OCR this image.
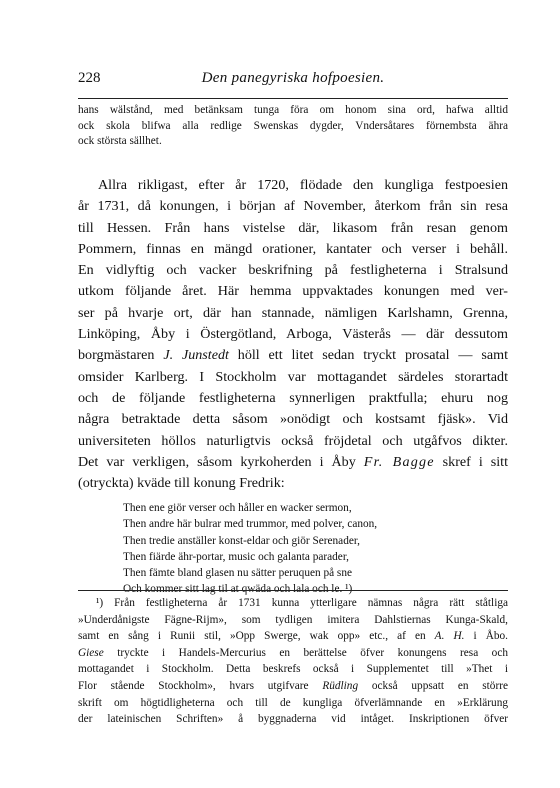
Den panegyriska hofpoesien.
228
hans wälstånd, med betänksam tunga föra om honom sina ord, hafwa alltid
ock skola blifwa alla redlige Swenskas dygder, Vndersåtares förnembsta ähra
ock största sällhet.
Allra rikligast, efter år 1720, flödade den kungliga festpoesien
år 1731, då konungen, i början af November, återkom från sin resa
till Hessen. Från hans vistelse där, likasom från resan genom
Pommern, finnas en mängd orationer, kantater och verser i behåll.
En vidlyftig och vacker beskrifning på festligheterna i Stralsund
utkom följande året. Här hemma uppvaktades konungen med ver-
ser på hvarje ort, där han stannade, nämligen Karlshamn, Grenna,
Linköping, Åby i Östergötland, Arboga, Västerås — där dessutom
borgmästaren J. Junstedt höll ett litet sedan tryckt prosatal — samt
omsider Karlberg. I Stockholm var mottagandet särdeles storartadt
och de följande festligheterna synnerligen praktfulla; ehuru nog
några betraktade detta såsom »onödigt och kostsamt fjäsk». Vid
universiteten höllos naturligtvis också fröjdetal och utgåfvos dikter.
Det var verkligen, såsom kyrkoherden i Åby Fr. Bagge skref i sitt
(otryckta) kväde till konung Fredrik:
Then ene giör verser och håller en wacker sermon,
Then andre här bulrar med trummor, med polver, canon,
Then tredie anställer konst-eldar och giör Serenader,
Then fiärde ähr-portar, music och galanta parader,
Then fämte bland glasen nu sätter peruquen på sne
¹) Från festligheterna år 1731 kunna ytterligare nämnas några rätt ståtliga
»Underdånigste Fägne-Rijm», som tydligen imitera Dahlstiernas Kunga-Skald,
samt en sång i Runii stil, »Opp Swerge, wak opp» etc., af en A. H. i Åbo.
Giese tryckte i Handels-Mercurius en berättelse öfver konungens resa och
mottagandet i Stockholm. Detta beskrefs också i Supplementet till »Thet i
Flor stående Stockholm», hvars utgifvare Rüdling också uppsatt en större
skrift om högtidligheterna och till de kungliga öfverlämnande en »Erklärung
der lateinischen Schriften» å byggnaderna vid intåget. Inskriptionen öfver
